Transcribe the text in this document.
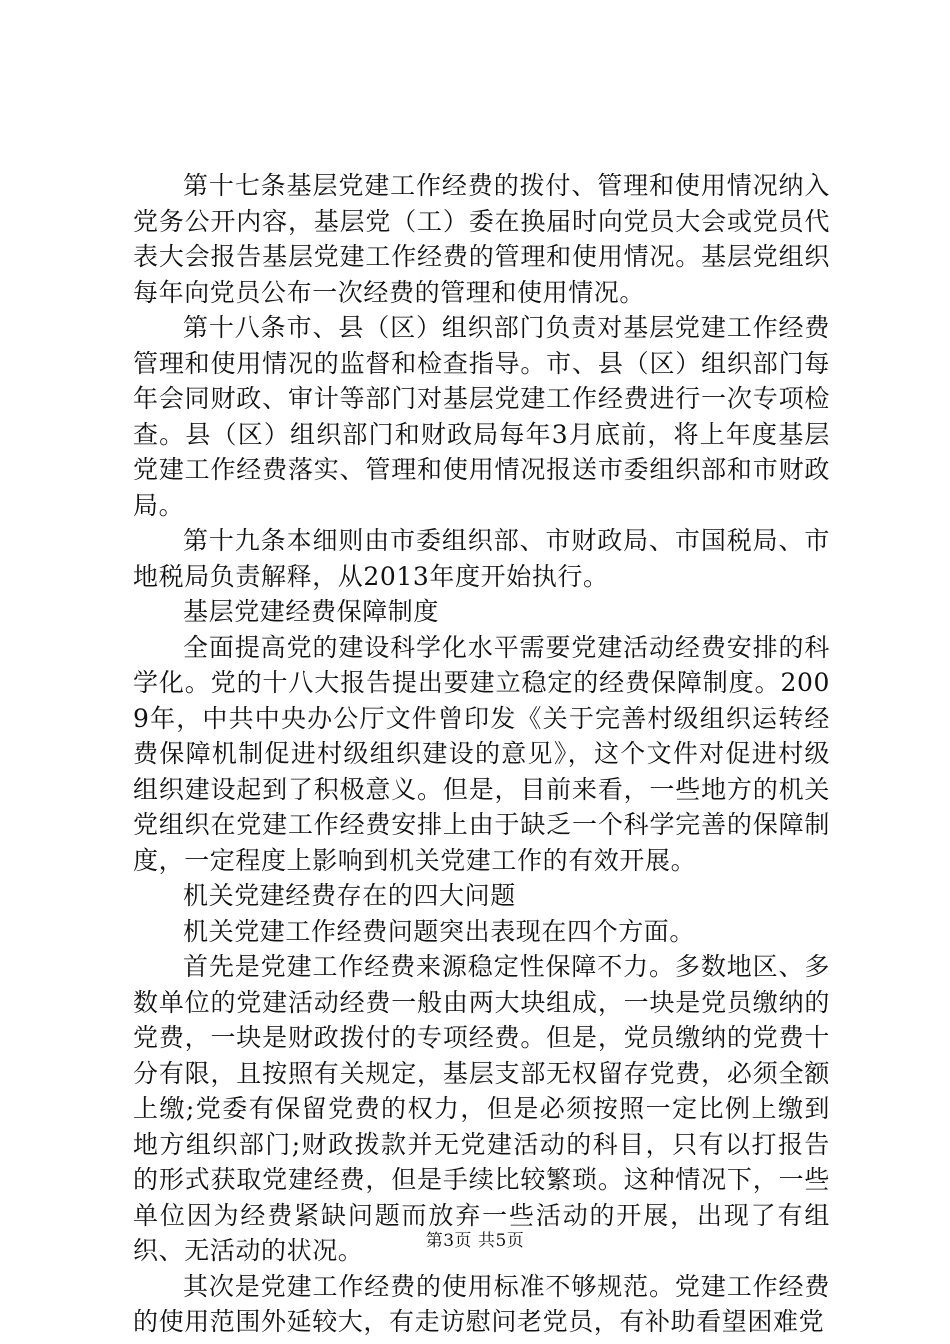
第十七条基层党建工作经费的拨付、管理和使用情况纳入党务公开内容，基层党（工）委在换届时向党员大会或党员代表大会报告基层党建工作经费的管理和使用情况。基层党组织每年向党员公布一次经费的管理和使用情况。

第十八条市、县（区）组织部门负责对基层党建工作经费管理和使用情况的监督和检查指导。市、县（区）组织部门每年会同财政、审计等部门对基层党建工作经费进行一次专项检查。县（区）组织部门和财政局每年3月底前，将上年度基层党建工作经费落实、管理和使用情况报送市委组织部和市财政局。

第十九条本细则由市委组织部、市财政局、市国税局、市地税局负责解释，从2013年度开始执行。

基层党建经费保障制度

全面提高党的建设科学化水平需要党建活动经费安排的科学化。党的十八大报告提出要建立稳定的经费保障制度。2009年，中共中央办公厅文件曾印发《关于完善村级组织运转经费保障机制促进村级组织建设的意见》，这个文件对促进村级组织建设起到了积极意义。但是，目前来看，一些地方的机关党组织在党建工作经费安排上由于缺乏一个科学完善的保障制度，一定程度上影响到机关党建工作的有效开展。

机关党建经费存在的四大问题

机关党建工作经费问题突出表现在四个方面。

首先是党建工作经费来源稳定性保障不力。多数地区、多数单位的党建活动经费一般由两大块组成，一块是党员缴纳的党费，一块是财政拨付的专项经费。但是，党员缴纳的党费十分有限，且按照有关规定，基层支部无权留存党费，必须全额上缴;党委有保留党费的权力，但是必须按照一定比例上缴到地方组织部门;财政拨款并无党建活动的科目，只有以打报告的形式获取党建经费，但是手续比较繁琐。这种情况下，一些单位因为经费紧缺问题而放弃一些活动的开展，出现了有组织、无活动的状况。

其次是党建工作经费的使用标准不够规范。党建工作经费的使用范围外延较大，有走访慰问老党员，有补助看望困难党

第3页 共5页
